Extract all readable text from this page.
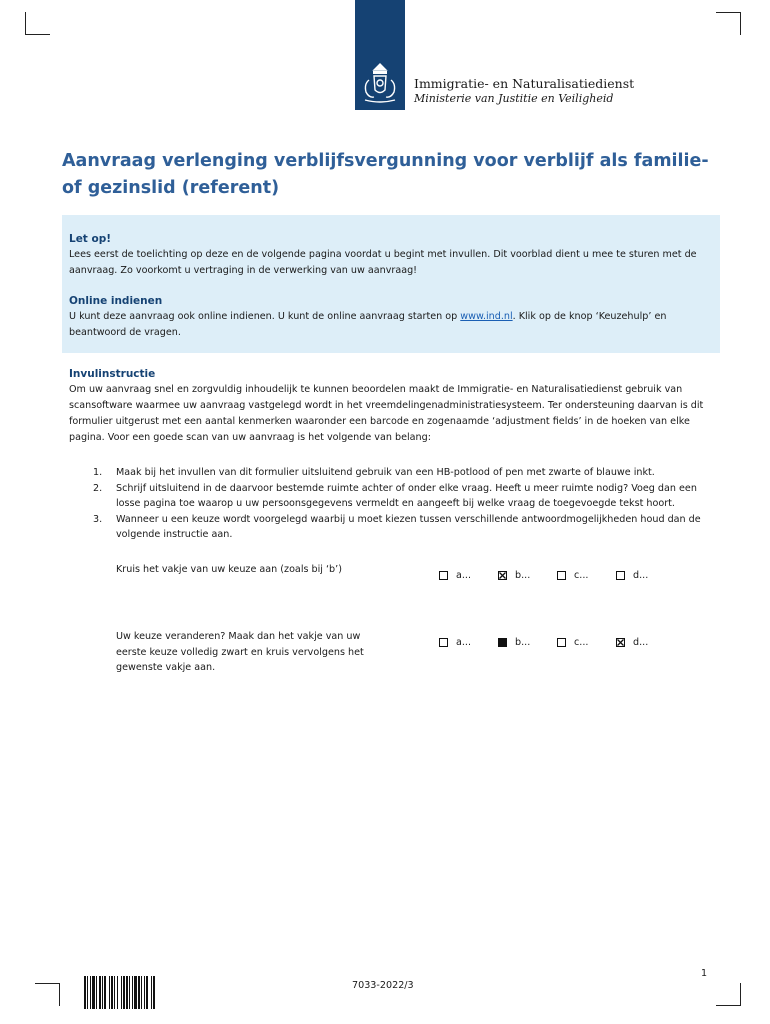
Immigratie- en Naturalisatiedienst
Ministerie van Justitie en Veiligheid
Aanvraag verlenging verblijfsvergunning voor verblijf als familie- of gezinslid (referent)

Let op!

Lees eerst de toelichting op deze en de volgende pagina voordat u begint met invullen. Dit voorblad dient u mee te sturen met de aanvraag. Zo voorkomt u vertraging in de verwerking van uw aanvraag!

Online indienen

U kunt deze aanvraag ook online indienen. U kunt de online aanvraag starten op www.ind.nl. Klik op de knop ‘Keuzehulp’ en beantwoord de vragen.

Invulinstructie

Om uw aanvraag snel en zorgvuldig inhoudelijk te kunnen beoordelen maakt de Immigratie- en Naturalisatiedienst gebruik van scansoftware waarmee uw aanvraag vastgelegd wordt in het vreemdelingenadministratiesysteem. Ter ondersteuning daarvan is dit formulier uitgerust met een aantal kenmerken waaronder een barcode en zogenaamde ‘adjustment fields’ in de hoeken van elke pagina. Voor een goede scan van uw aanvraag is het volgende van belang:

1. Maak bij het invullen van dit formulier uitsluitend gebruik van een HB-potlood of pen met zwarte of blauwe inkt.
2. Schrijf uitsluitend in de daarvoor bestemde ruimte achter of onder elke vraag. Heeft u meer ruimte nodig? Voeg dan een losse pagina toe waarop u uw persoonsgegevens vermeldt en aangeeft bij welke vraag de toegevoegde tekst hoort.
3. Wanneer u een keuze wordt voorgelegd waarbij u moet kiezen tussen verschillende antwoordmogelijkheden houd dan de volgende instructie aan.
Kruis het vakje van uw keuze aan (zoals bij ‘b’)	a...	b...	c...	d...
Uw keuze veranderen? Maak dan het vakje van uw eerste keuze volledig zwart en kruis vervolgens het gewenste vakje aan.
a...	b...	c...	d...
7033-2022/3
1
